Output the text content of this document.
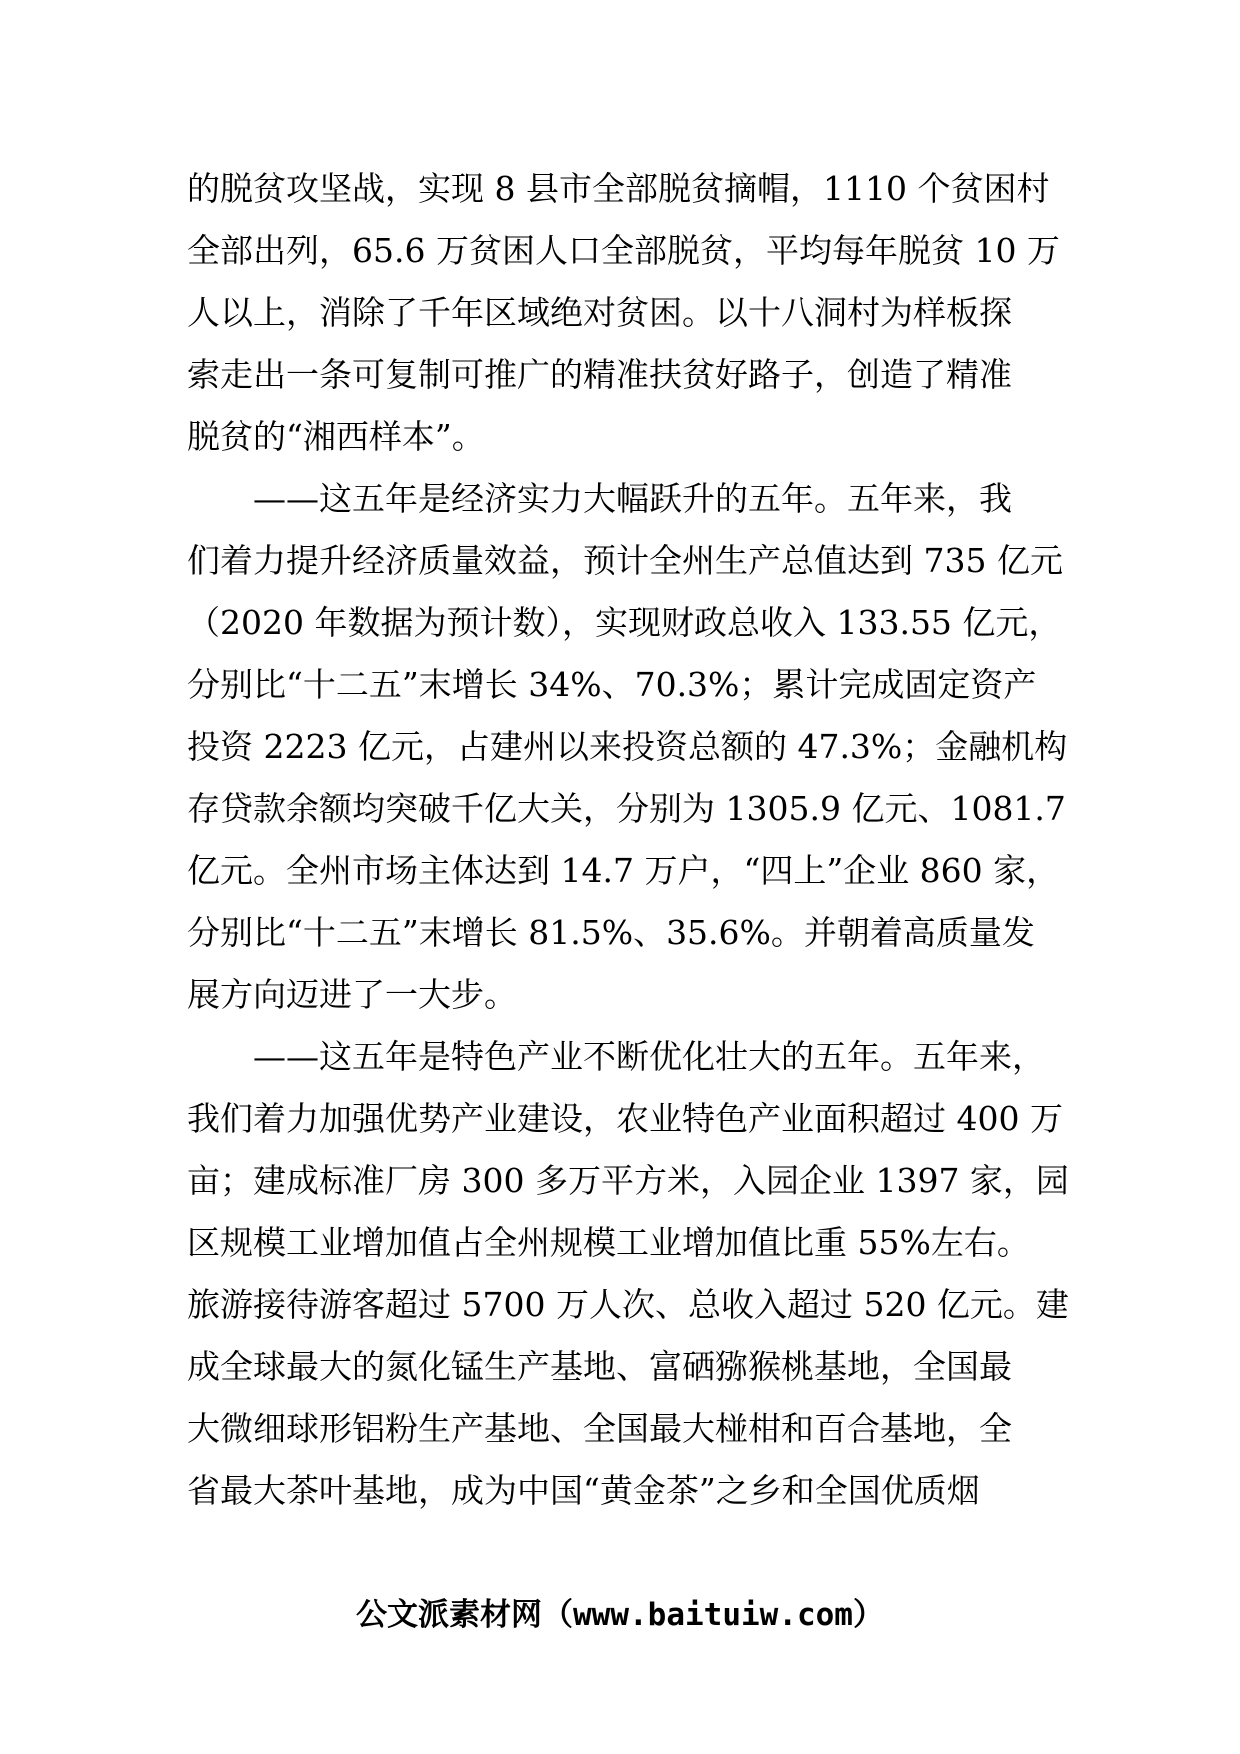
的脱贫攻坚战，实现 8 县市全部脱贫摘帽，1110 个贫困村
全部出列，65.6 万贫困人口全部脱贫，平均每年脱贫 10 万
人以上，消除了千年区域绝对贫困。以十八洞村为样板探
索走出一条可复制可推广的精准扶贫好路子，创造了精准
脱贫的“湘西样本”。
——这五年是经济实力大幅跃升的五年。五年来，我
们着力提升经济质量效益，预计全州生产总值达到 735 亿元
（2020 年数据为预计数），实现财政总收入 133.55 亿元，
分别比“十二五”末增长 34%、70.3%；累计完成固定资产
投资 2223 亿元，占建州以来投资总额的 47.3%；金融机构
存贷款余额均突破千亿大关，分别为 1305.9 亿元、1081.7
亿元。全州市场主体达到 14.7 万户，“四上”企业 860 家，
分别比“十二五”末增长 81.5%、35.6%。并朝着高质量发
展方向迈进了一大步。
——这五年是特色产业不断优化壮大的五年。五年来，
我们着力加强优势产业建设，农业特色产业面积超过 400 万
亩；建成标准厂房 300 多万平方米，入园企业 1397 家，园
区规模工业增加值占全州规模工业增加值比重 55%左右。
旅游接待游客超过 5700 万人次、总收入超过 520 亿元。建
成全球最大的氮化锰生产基地、富硒猕猴桃基地，全国最
大微细球形铝粉生产基地、全国最大椪柑和百合基地，全
省最大茶叶基地，成为中国“黄金茶”之乡和全国优质烟
公文派素材网（www.baituiw.com）
